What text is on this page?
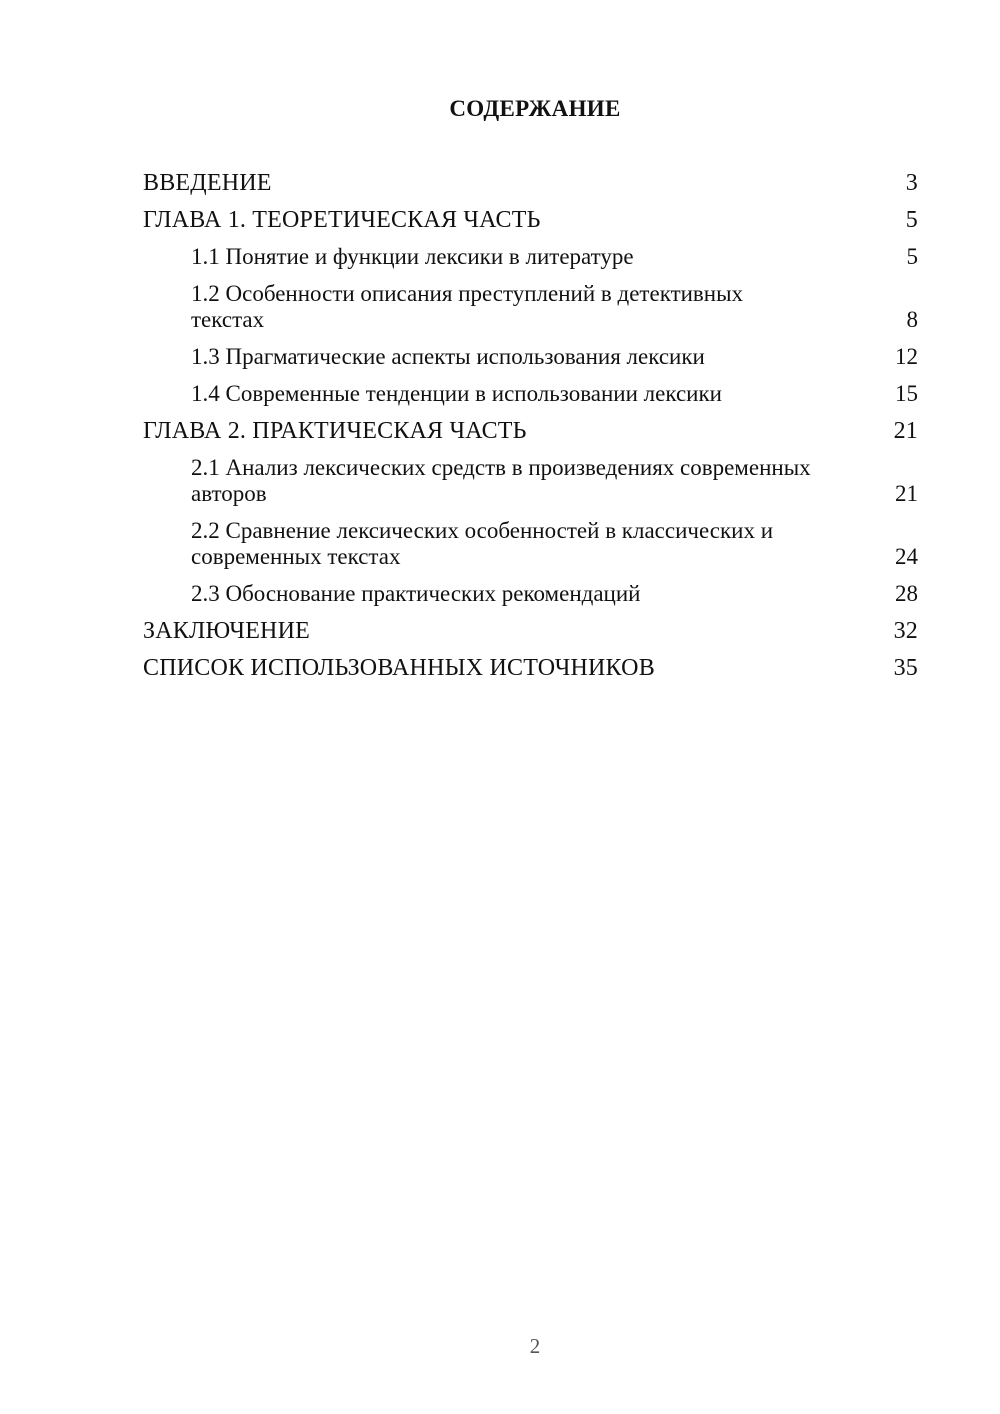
СОДЕРЖАНИЕ
ВВЕДЕНИЕ	3
ГЛАВА 1. ТЕОРЕТИЧЕСКАЯ ЧАСТЬ	5
1.1 Понятие и функции лексики в литературе	5
1.2 Особенности описания преступлений в детективных текстах	8
1.3 Прагматические аспекты использования лексики	12
1.4 Современные тенденции в использовании лексики	15
ГЛАВА 2. ПРАКТИЧЕСКАЯ ЧАСТЬ	21
2.1 Анализ лексических средств в произведениях современных авторов	21
2.2 Сравнение лексических особенностей в классических и современных текстах	24
2.3 Обоснование практических рекомендаций	28
ЗАКЛЮЧЕНИЕ	32
СПИСОК ИСПОЛЬЗОВАННЫХ ИСТОЧНИКОВ	35
2
